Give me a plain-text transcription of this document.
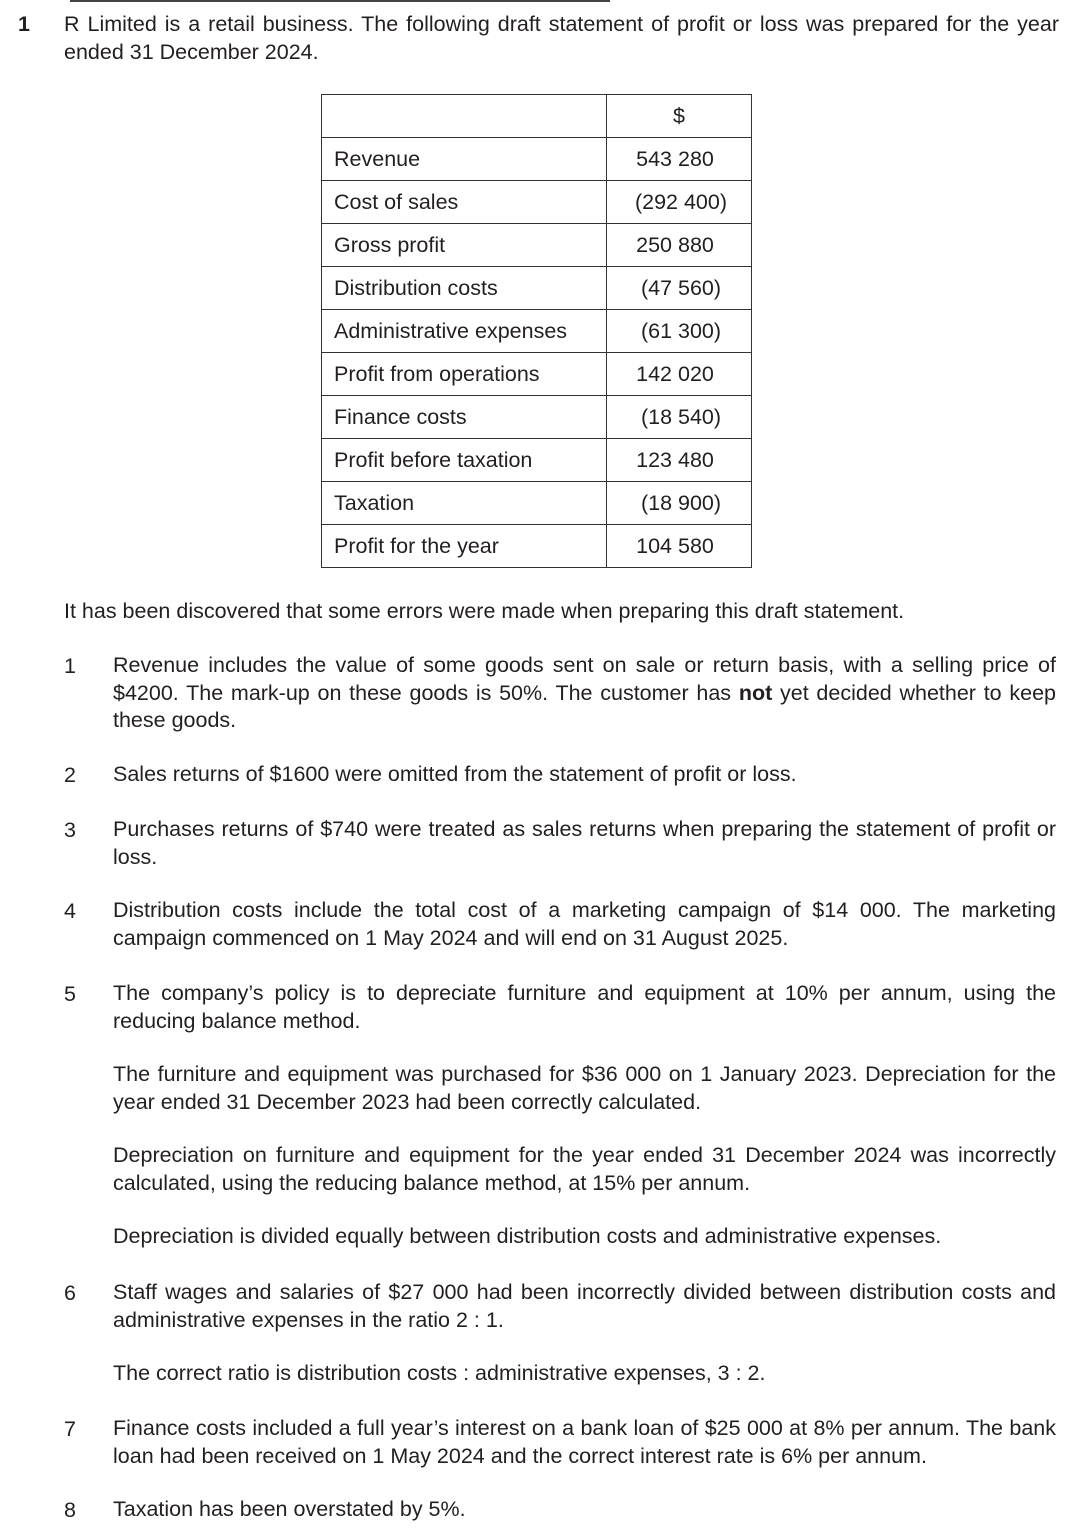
1 R Limited is a retail business. The following draft statement of profit or loss was prepared for the year ended 31 December 2024.
	$
Revenue	543 280
Cost of sales	(292 400)
Gross profit	250 880
Distribution costs	(47 560)
Administrative expenses	(61 300)
Profit from operations	142 020
Finance costs	(18 540)
Profit before taxation	123 480
Taxation	(18 900)
Profit for the year	104 580
It has been discovered that some errors were made when preparing this draft statement.
1 Revenue includes the value of some goods sent on sale or return basis, with a selling price of $4200. The mark-up on these goods is 50%. The customer has not yet decided whether to keep these goods.

2 Sales returns of $1600 were omitted from the statement of profit or loss.

3 Purchases returns of $740 were treated as sales returns when preparing the statement of profit or loss.

4 Distribution costs include the total cost of a marketing campaign of $14 000. The marketing campaign commenced on 1 May 2024 and will end on 31 August 2025.

5 The company’s policy is to depreciate furniture and equipment at 10% per annum, using the reducing balance method.

The furniture and equipment was purchased for $36 000 on 1 January 2023. Depreciation for the year ended 31 December 2023 had been correctly calculated.

Depreciation on furniture and equipment for the year ended 31 December 2024 was incorrectly calculated, using the reducing balance method, at 15% per annum.

Depreciation is divided equally between distribution costs and administrative expenses.

6 Staff wages and salaries of $27 000 had been incorrectly divided between distribution costs and administrative expenses in the ratio 2 : 1.

The correct ratio is distribution costs : administrative expenses, 3 : 2.

7 Finance costs included a full year’s interest on a bank loan of $25 000 at 8% per annum. The bank loan had been received on 1 May 2024 and the correct interest rate is 6% per annum.

8 Taxation has been overstated by 5%.
